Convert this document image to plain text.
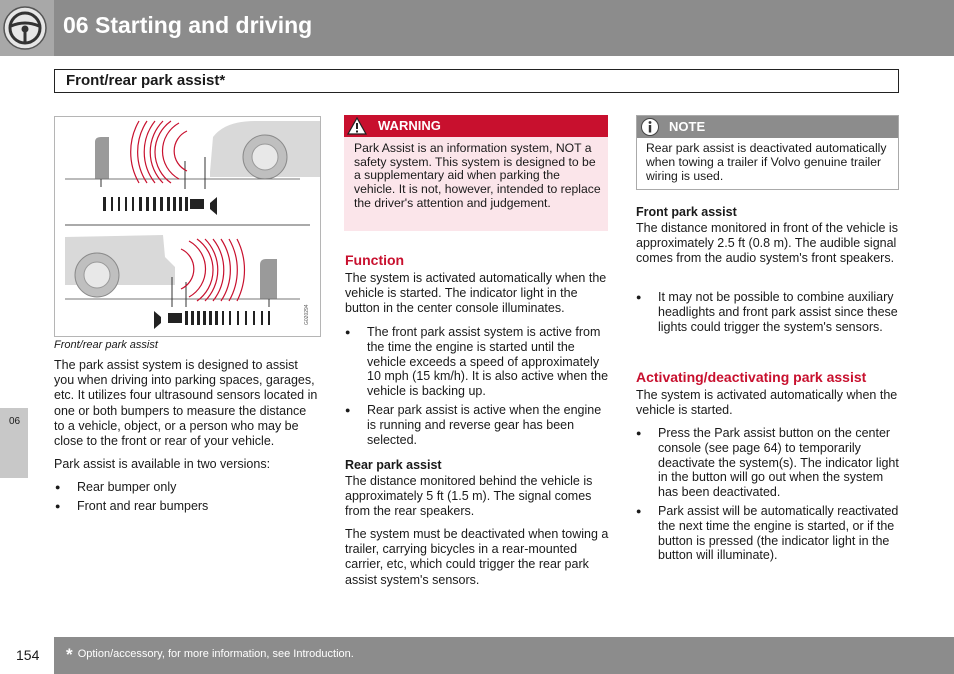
06 Starting and driving
Front/rear park assist*
06
G020294
Front/rear park assist
The park assist system is designed to assist you when driving into parking spaces, garages, etc. It utilizes four ultrasound sensors located in one or both bumpers to measure the distance to a vehicle, object, or a person who may be close to the front or rear of your vehicle.
Park assist is available in two versions:
● Rear bumper only
● Front and rear bumpers
WARNING
Park Assist is an information system, NOT a safety system. This system is designed to be a supplementary aid when parking the vehicle. It is not, however, intended to replace the driver's attention and judgement.
Function
The system is activated automatically when the vehicle is started. The indicator light in the button in the center console illuminates.
● The front park assist system is active from the time the engine is started until the vehicle exceeds a speed of approximately 10 mph (15 km/h). It is also active when the vehicle is backing up.
● Rear park assist is active when the engine is running and reverse gear has been selected.
Rear park assist
The distance monitored behind the vehicle is approximately 5 ft (1.5 m). The signal comes from the rear speakers.
The system must be deactivated when towing a trailer, carrying bicycles in a rear-mounted carrier, etc, which could trigger the rear park assist system's sensors.
NOTE
Rear park assist is deactivated automatically when towing a trailer if Volvo genuine trailer wiring is used.
Front park assist
The distance monitored in front of the vehicle is approximately 2.5 ft (0.8 m). The audible signal comes from the audio system's front speakers.
● It may not be possible to combine auxiliary headlights and front park assist since these lights could trigger the system's sensors.
Activating/deactivating park assist
The system is activated automatically when the vehicle is started.
● Press the Park assist button on the center console (see page 64) to temporarily deactivate the system(s). The indicator light in the button will go out when the system has been deactivated.
● Park assist will be automatically reactivated the next time the engine is started, or if the button is pressed (the indicator light in the button will illuminate).
154 * Option/accessory, for more information, see Introduction.
